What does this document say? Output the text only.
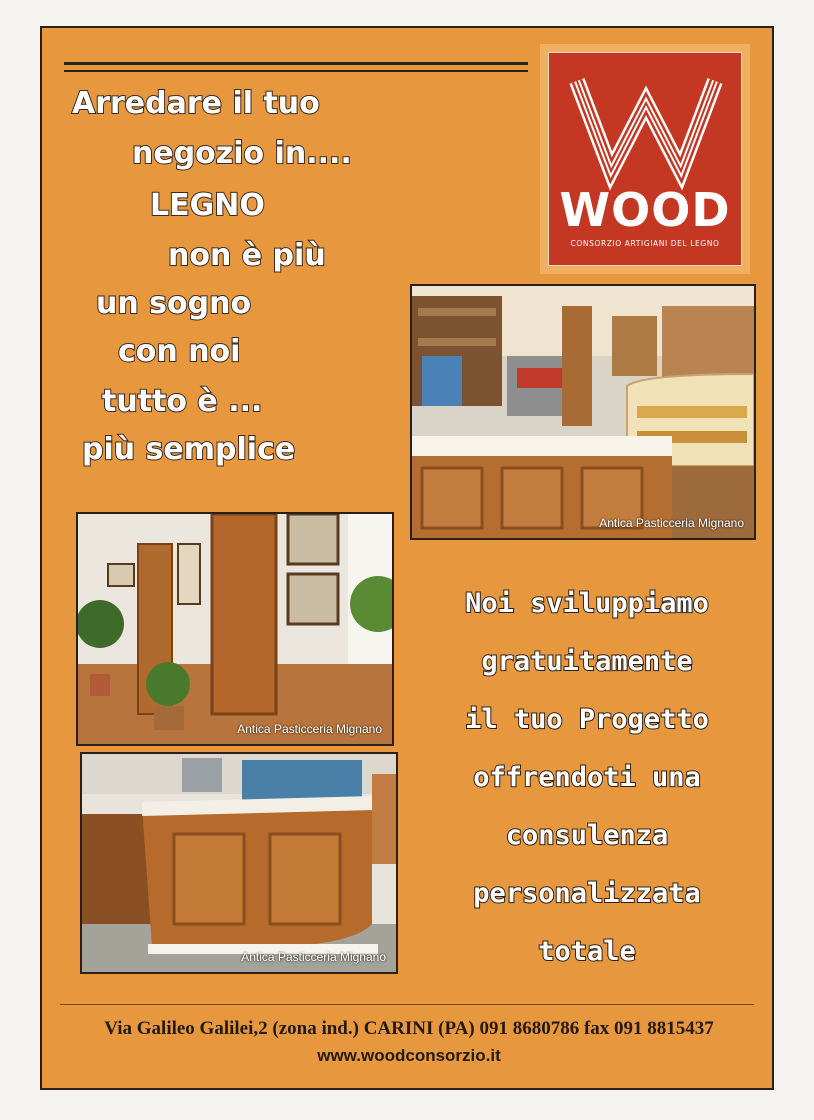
WOOD
CONSORZIO ARTIGIANI DEL LEGNO
Arredare il tuo
negozio in....
LEGNO
non è più
un sogno
con noi
tutto è ...
più semplice
Antica Pasticceria Mignano
Antica Pasticceria Mignano
Antica Pasticceria Mignano
Noi sviluppiamo
gratuitamente
il tuo Progetto
offrendoti una
consulenza
personalizzata
totale
Via Galileo Galilei,2 (zona ind.) CARINI (PA) 091 8680786 fax 091 8815437
www.woodconsorzio.it
